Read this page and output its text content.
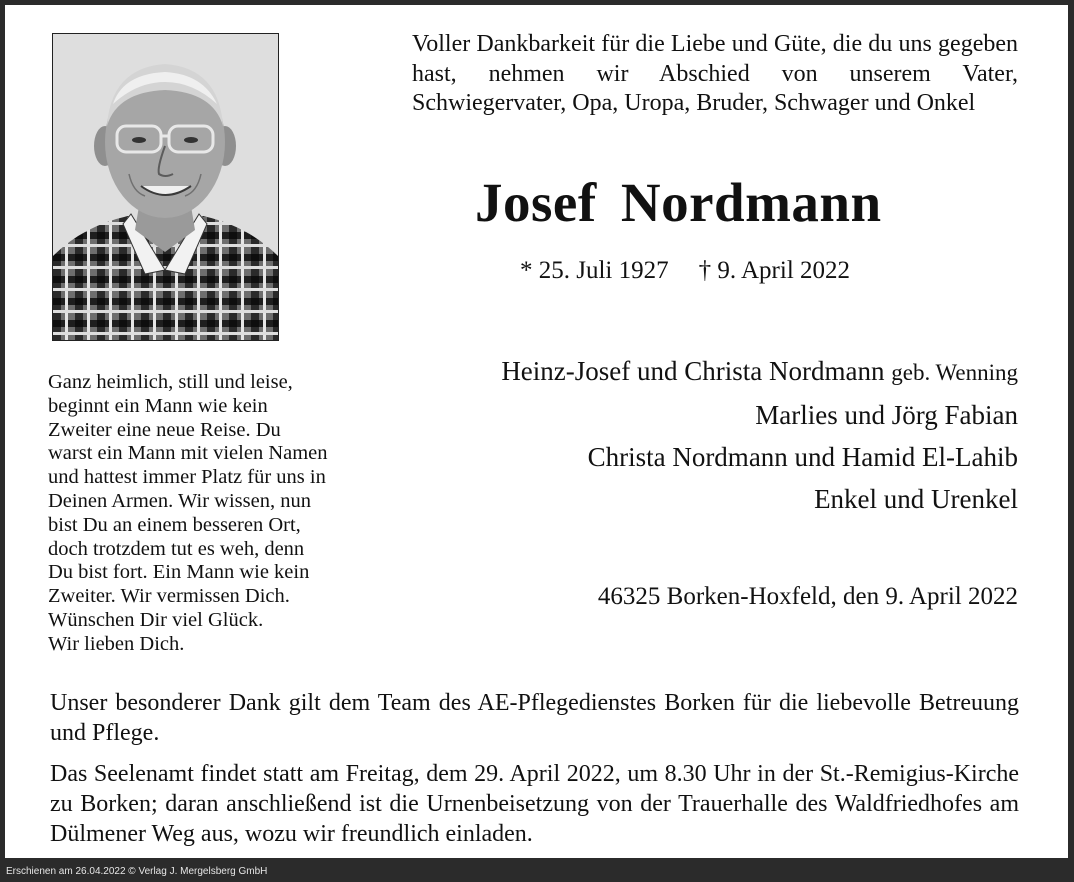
Voller Dankbarkeit für die Liebe und Güte, die du uns gegeben hast, nehmen wir Abschied von unserem Vater, Schwiegervater, Opa, Uropa, Bruder, Schwager und Onkel
Josef Nordmann
* 25. Juli 1927 † 9. April 2022
Ganz heimlich, still und leise,
beginnt ein Mann wie kein
Zweiter eine neue Reise. Du
warst ein Mann mit vielen Namen
und hattest immer Platz für uns in
Deinen Armen. Wir wissen, nun
bist Du an einem besseren Ort,
doch trotzdem tut es weh, denn
Du bist fort. Ein Mann wie kein
Zweiter. Wir vermissen Dich.
Wünschen Dir viel Glück.
Wir lieben Dich.
Heinz-Josef und Christa Nordmann geb. Wenning
Marlies und Jörg Fabian
Christa Nordmann und Hamid El-Lahib
Enkel und Urenkel
46325 Borken-Hoxfeld, den 9. April 2022
Unser besonderer Dank gilt dem Team des AE-Pflegedienstes Borken für die liebevolle Betreuung und Pflege.
Das Seelenamt findet statt am Freitag, dem 29. April 2022, um 8.30 Uhr in der St.-Remigius-Kirche zu Borken; daran anschließend ist die Urnenbeisetzung von der Trauerhalle des Waldfriedhofes am Dülmener Weg aus, wozu wir freundlich einladen.
Erschienen am 26.04.2022 © Verlag J. Mergelsberg GmbH
